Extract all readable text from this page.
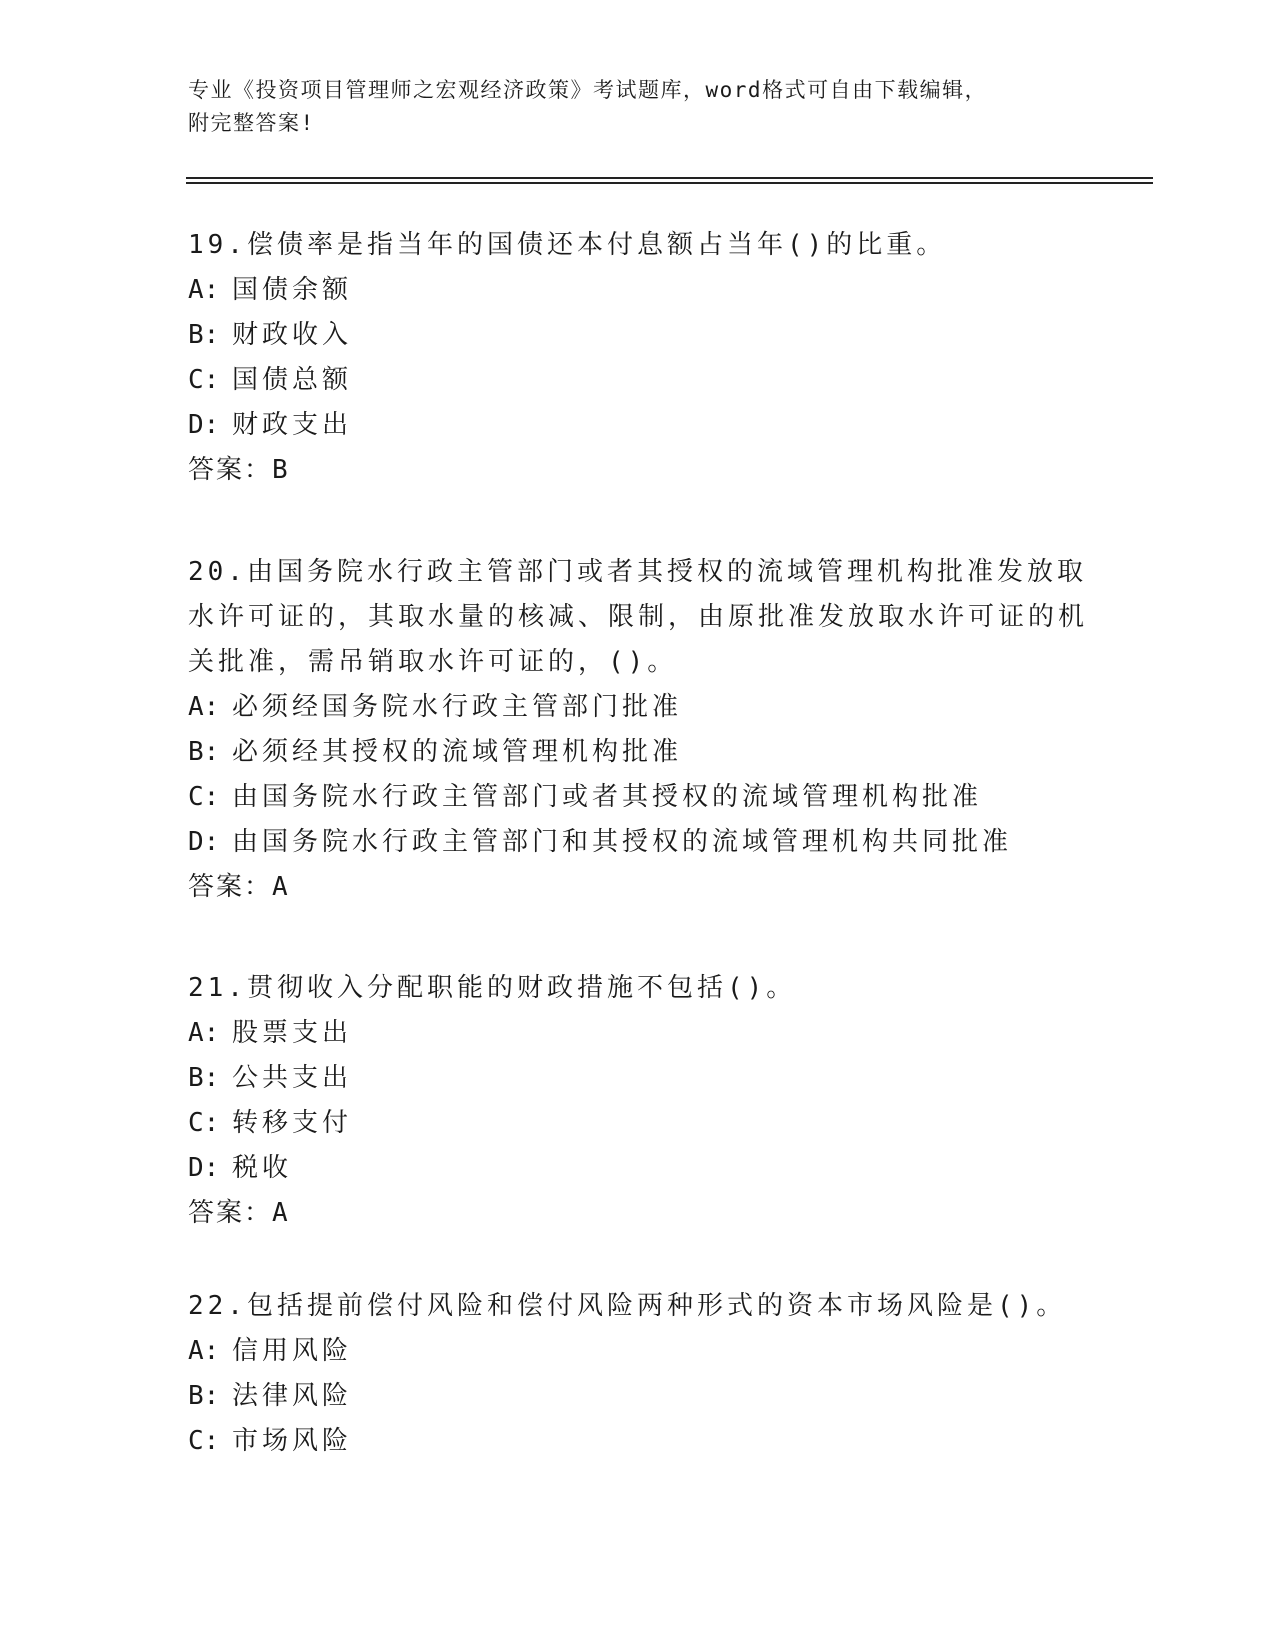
专业《投资项目管理师之宏观经济政策》考试题库，word格式可自由下载编辑，
附完整答案!

19.偿债率是指当年的国债还本付息额占当年()的比重。

A: 国债余额
B: 财政收入
C: 国债总额
D: 财政支出
答案：B

20.由国务院水行政主管部门或者其授权的流域管理机构批准发放取水许可证的，其取水量的核减、限制，由原批准发放取水许可证的机关批准，需吊销取水许可证的，()。

A: 必须经国务院水行政主管部门批准
B: 必须经其授权的流域管理机构批准
C: 由国务院水行政主管部门或者其授权的流域管理机构批准
D: 由国务院水行政主管部门和其授权的流域管理机构共同批准
答案：A

21.贯彻收入分配职能的财政措施不包括()。

A: 股票支出
B: 公共支出
C: 转移支付
D: 税收
答案：A

22.包括提前偿付风险和偿付风险两种形式的资本市场风险是()。

A: 信用风险
B: 法律风险
C: 市场风险
